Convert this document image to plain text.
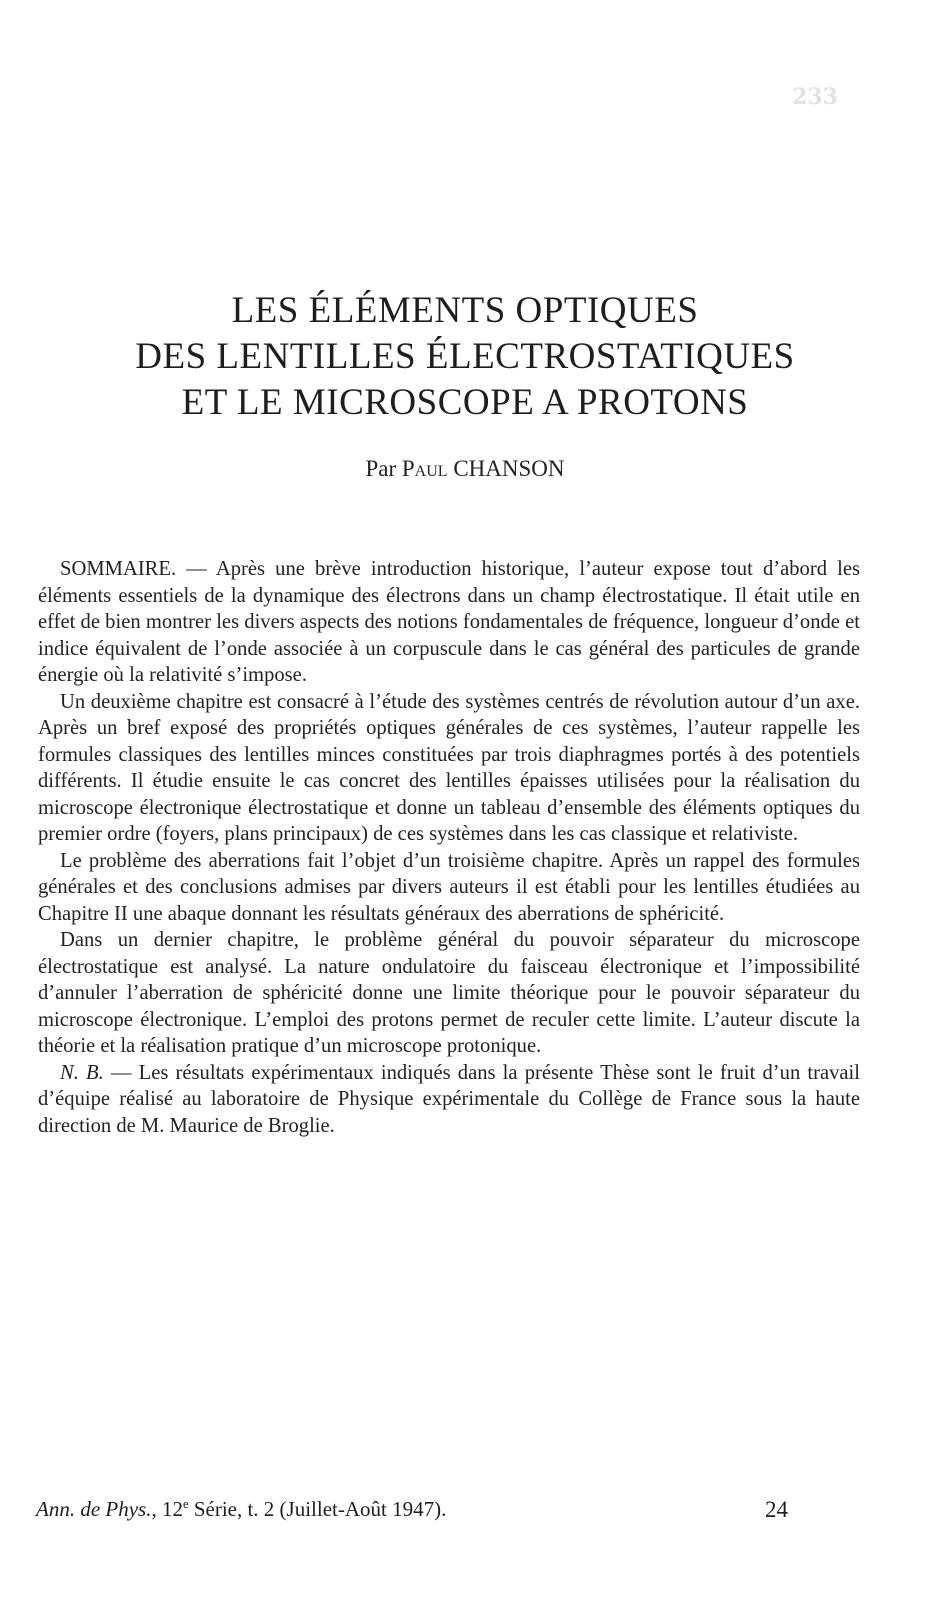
233
LES ÉLÉMENTS OPTIQUES
DES LENTILLES ÉLECTROSTATIQUES
ET LE MICROSCOPE A PROTONS
Par Paul CHANSON

SOMMAIRE. — Après une brève introduction historique, l’auteur expose tout d’abord les éléments essentiels de la dynamique des électrons dans un champ électrostatique. Il était utile en effet de bien montrer les divers aspects des notions fondamentales de fréquence, longueur d’onde et indice équivalent de l’onde associée à un corpuscule dans le cas général des particules de grande énergie où la relativité s’impose.

Un deuxième chapitre est consacré à l’étude des systèmes centrés de révolution autour d’un axe. Après un bref exposé des propriétés optiques générales de ces systèmes, l’auteur rappelle les formules classiques des lentilles minces constituées par trois diaphragmes portés à des potentiels différents. Il étudie ensuite le cas concret des lentilles épaisses utilisées pour la réalisation du microscope électronique électrostatique et donne un tableau d’ensemble des éléments optiques du premier ordre (foyers, plans principaux) de ces systèmes dans les cas classique et relativiste.

Le problème des aberrations fait l’objet d’un troisième chapitre. Après un rappel des formules générales et des conclusions admises par divers auteurs il est établi pour les lentilles étudiées au Chapitre II une abaque donnant les résultats généraux des aberrations de sphéricité.

Dans un dernier chapitre, le problème général du pouvoir séparateur du microscope électrostatique est analysé. La nature ondulatoire du faisceau électronique et l’impossibilité d’annuler l’aberration de sphéricité donne une limite théorique pour le pouvoir séparateur du microscope électronique. L’emploi des protons permet de reculer cette limite. L’auteur discute la théorie et la réalisation pratique d’un microscope protonique.

N. B. — Les résultats expérimentaux indiqués dans la présente Thèse sont le fruit d’un travail d’équipe réalisé au laboratoire de Physique expérimentale du Collège de France sous la haute direction de M. Maurice de Broglie.

Ann. de Phys., 12e Série, t. 2 (Juillet-Août 1947).	24
